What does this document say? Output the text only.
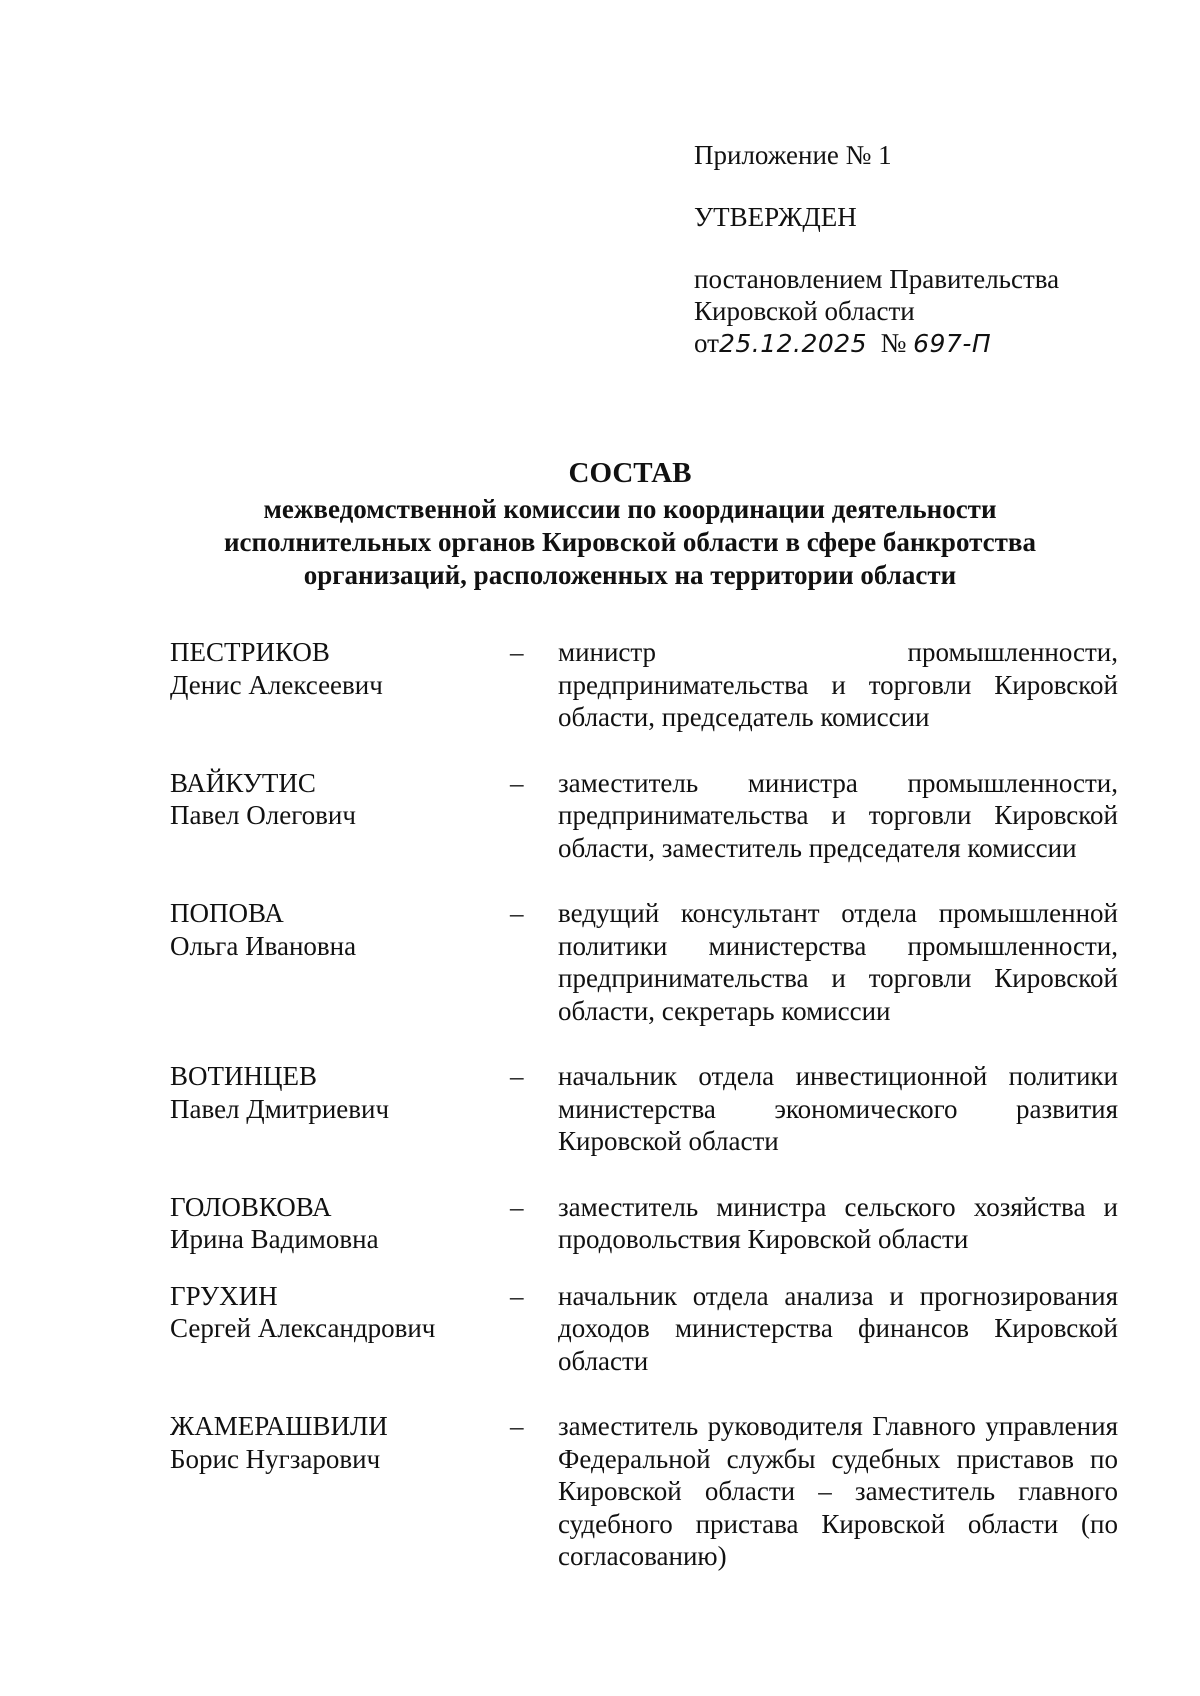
Приложение № 1
УТВЕРЖДЕН
постановлением Правительства
Кировской области
от25.12.2025 № 697-П
СОСТАВ
межведомственной комиссии по координации деятельности
исполнительных органов Кировской области в сфере банкротства
организаций, расположенных на территории области
ПЕСТРИКОВ
Денис Алексеевич
–	министр промышленности, предпринимательства и торговли Кировской области, председатель комиссии
ВАЙКУТИС
Павел Олегович
–	заместитель министра промышленности, предпринимательства и торговли Кировской области, заместитель председателя комиссии
ПОПОВА
Ольга Ивановна
–	ведущий консультант отдела промышленной политики министерства промышленности, предпринимательства и торговли Кировской области, секретарь комиссии
ВОТИНЦЕВ
Павел Дмитриевич
–	начальник отдела инвестиционной политики министерства экономического развития Кировской области
ГОЛОВКОВА
Ирина Вадимовна
–	заместитель министра сельского хозяйства и продовольствия Кировской области
ГРУХИН
Сергей Александрович
–	начальник отдела анализа и прогнозирования доходов министерства финансов Кировской области
ЖАМЕРАШВИЛИ
Борис Нугзарович
–	заместитель руководителя Главного управления Федеральной службы судебных приставов по Кировской области – заместитель главного судебного пристава Кировской области (по согласованию)
